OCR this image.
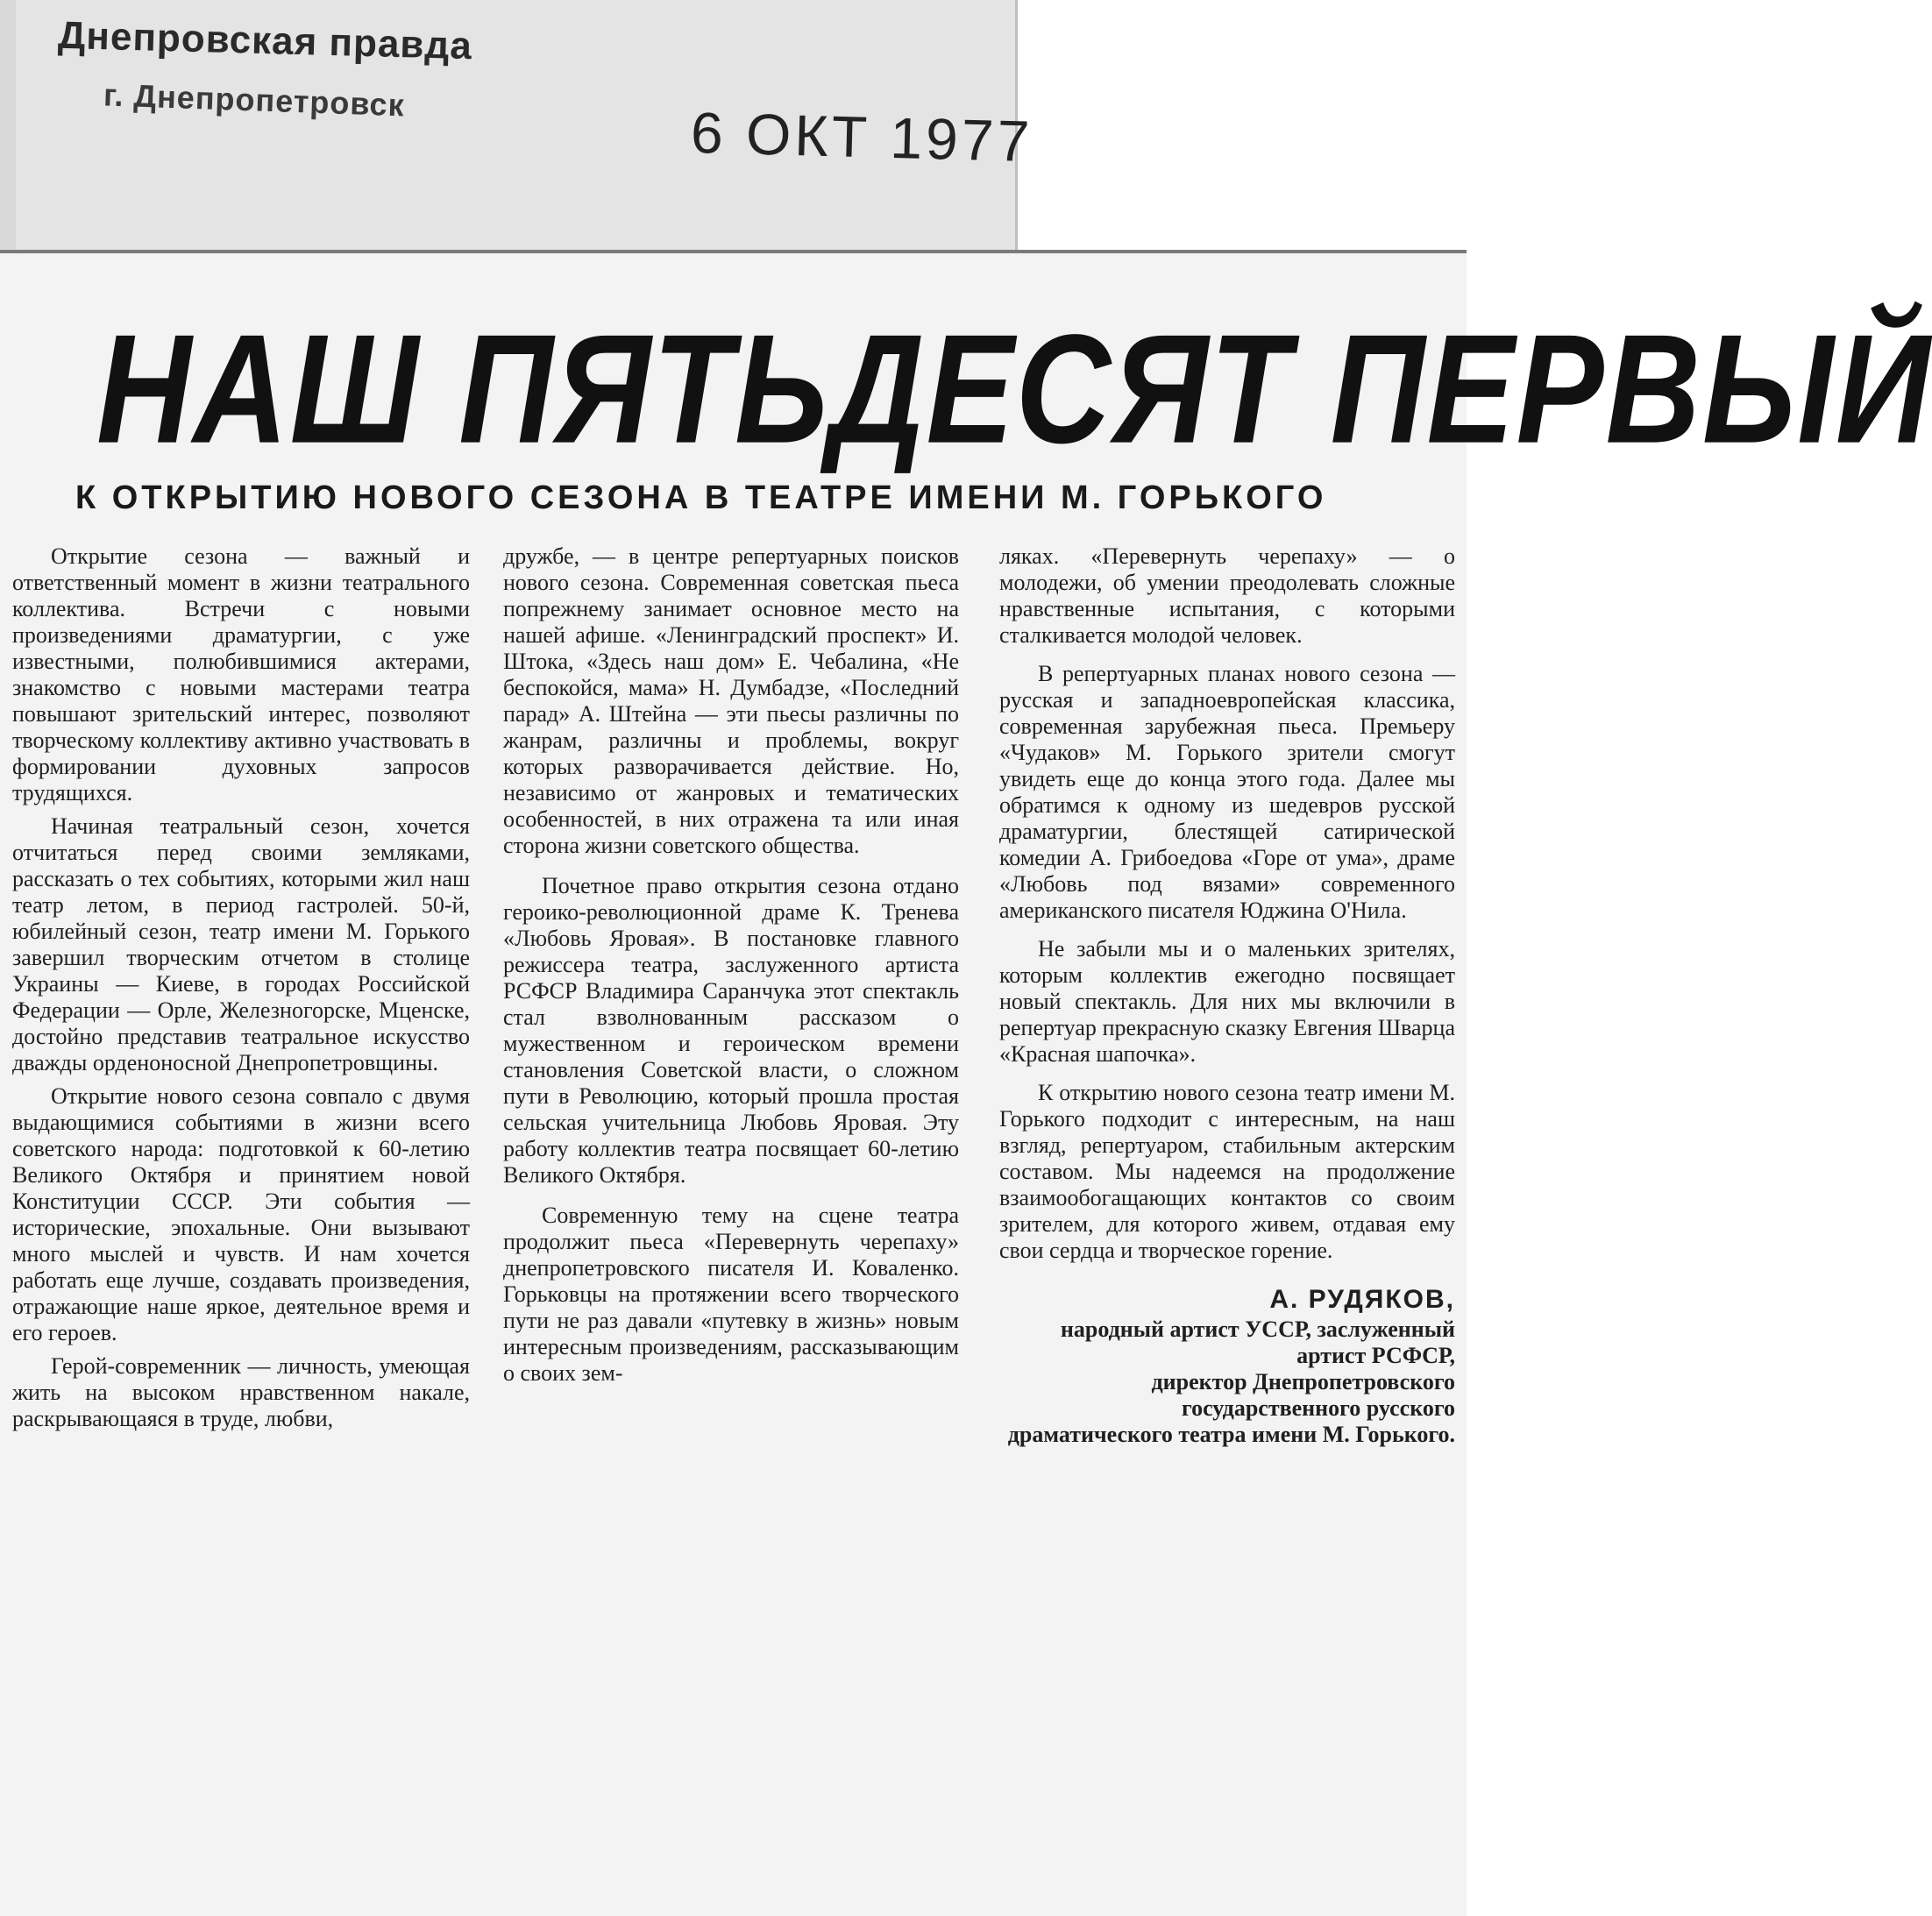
Днепровская правда
г. Днепропетровск
6 ОКТ 1977
НАШ ПЯТЬДЕСЯТ ПЕРВЫЙ
К ОТКРЫТИЮ НОВОГО СЕЗОНА В ТЕАТРЕ ИМЕНИ М. ГОРЬКОГО

Открытие сезона — важный и ответственный момент в жизни театрального коллектива. Встречи с новыми произведениями драматургии, с уже известными, полюбившимися актерами, знакомство с новыми мастерами театра повышают зрительский интерес, позволяют творческому коллективу активно участвовать в формировании духовных запросов трудящихся.

Начиная театральный сезон, хочется отчитаться перед своими земляками, рассказать о тех событиях, которыми жил наш театр летом, в период гастролей. 50-й, юбилейный сезон, театр имени М. Горького завершил творческим отчетом в столице Украины — Киеве, в городах Российской Федерации — Орле, Железногорске, Мценске, достойно представив театральное искусство дважды орденоносной Днепропетровщины.

Открытие нового сезона совпало с двумя выдающимися событиями в жизни всего советского народа: подготовкой к 60-летию Великого Октября и принятием новой Конституции СССР. Эти события — исторические, эпохальные. Они вызывают много мыслей и чувств. И нам хочется работать еще лучше, создавать произведения, отражающие наше яркое, деятельное время и его героев.

Герой-современник — личность, умеющая жить на высоком нравственном накале, раскрывающаяся в труде, любви,

дружбе, — в центре репертуарных поисков нового сезона. Современная советская пьеса попрежнему занимает основное место на нашей афише. «Ленинградский проспект» И. Штока, «Здесь наш дом» Е. Чебалина, «Не беспокойся, мама» Н. Думбадзе, «Последний парад» А. Штейна — эти пьесы различны по жанрам, различны и проблемы, вокруг которых разворачивается действие. Но, независимо от жанровых и тематических особенностей, в них отражена та или иная сторона жизни советского общества.

Почетное право открытия сезона отдано героико-революционной драме К. Тренева «Любовь Яровая». В постановке главного режиссера театра, заслуженного артиста РСФСР Владимира Саранчука этот спектакль стал взволнованным рассказом о мужественном и героическом времени становления Советской власти, о сложном пути в Революцию, который прошла простая сельская учительница Любовь Яровая. Эту работу коллектив театра посвящает 60-летию Великого Октября.

Современную тему на сцене театра продолжит пьеса «Перевернуть черепаху» днепропетровского писателя И. Коваленко. Горьковцы на протяжении всего творческого пути не раз давали «путевку в жизнь» новым интересным произведениям, рассказывающим о своих зем-

ляках. «Перевернуть черепаху» — о молодежи, об умении преодолевать сложные нравственные испытания, с которыми сталкивается молодой человек.

В репертуарных планах нового сезона — русская и западноевропейская классика, современная зарубежная пьеса. Премьеру «Чудаков» М. Горького зрители смогут увидеть еще до конца этого года. Далее мы обратимся к одному из шедевров русской драматургии, блестящей сатирической комедии А. Грибоедова «Горе от ума», драме «Любовь под вязами» современного американского писателя Юджина О'Нила.

Не забыли мы и о маленьких зрителях, которым коллектив ежегодно посвящает новый спектакль. Для них мы включили в репертуар прекрасную сказку Евгения Шварца «Красная шапочка».

К открытию нового сезона театр имени М. Горького подходит с интересным, на наш взгляд, репертуаром, стабильным актерским составом. Мы надеемся на продолжение взаимообогащающих контактов со своим зрителем, для которого живем, отдавая ему свои сердца и творческое горение.

А. РУДЯКОВ,
народный артист УССР, заслуженный артист РСФСР,
директор Днепропетровского государственного русского
драматического театра имени М. Горького.
